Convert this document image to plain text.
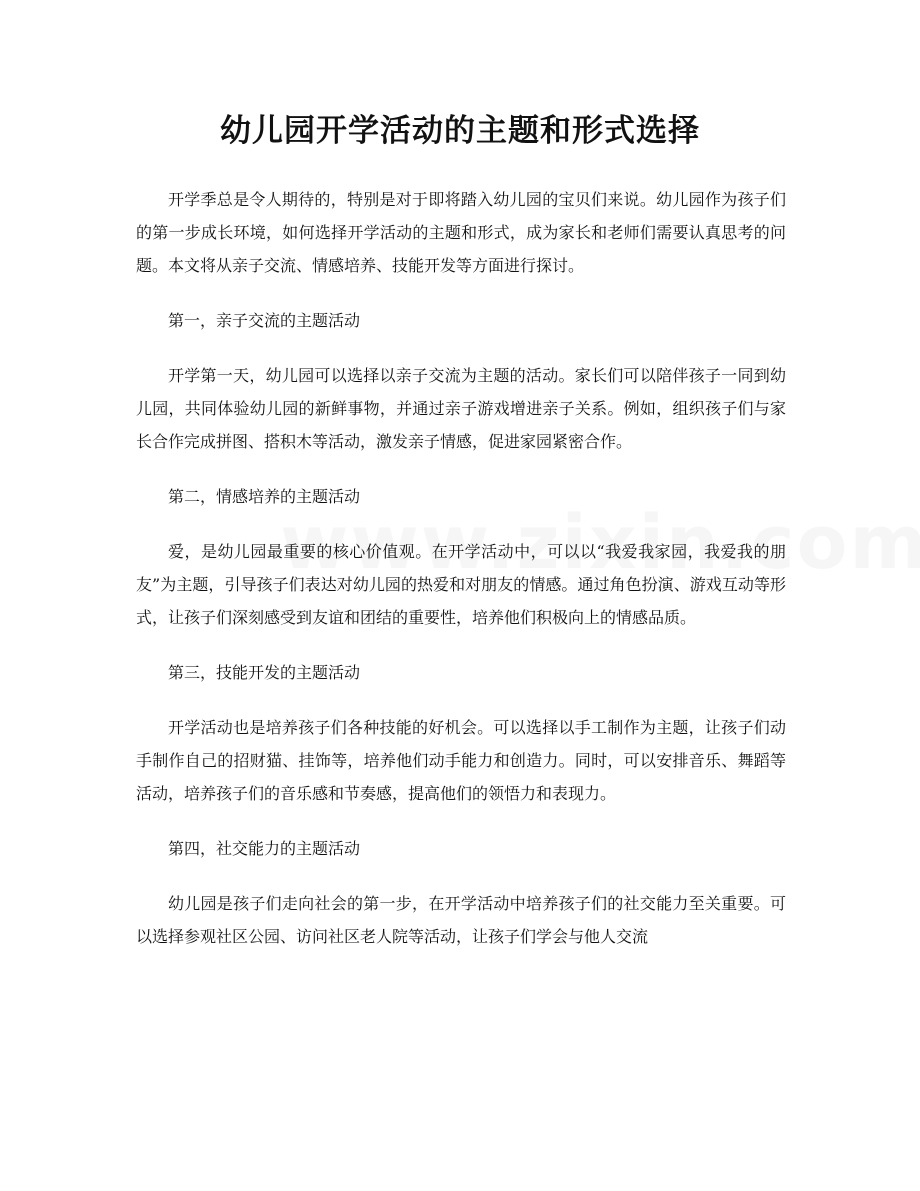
幼儿园开学活动的主题和形式选择

开学季总是令人期待的，特别是对于即将踏入幼儿园的宝贝们来说。幼儿园作为孩子们的第一步成长环境，如何选择开学活动的主题和形式，成为家长和老师们需要认真思考的问题。本文将从亲子交流、情感培养、技能开发等方面进行探讨。

第一，亲子交流的主题活动

开学第一天，幼儿园可以选择以亲子交流为主题的活动。家长们可以陪伴孩子一同到幼儿园，共同体验幼儿园的新鲜事物，并通过亲子游戏增进亲子关系。例如，组织孩子们与家长合作完成拼图、搭积木等活动，激发亲子情感，促进家园紧密合作。

第二，情感培养的主题活动

爱，是幼儿园最重要的核心价值观。在开学活动中，可以以“我爱我家园，我爱我的朋友”为主题，引导孩子们表达对幼儿园的热爱和对朋友的情感。通过角色扮演、游戏互动等形式，让孩子们深刻感受到友谊和团结的重要性，培养他们积极向上的情感品质。

第三，技能开发的主题活动

开学活动也是培养孩子们各种技能的好机会。可以选择以手工制作为主题，让孩子们动手制作自己的招财猫、挂饰等，培养他们动手能力和创造力。同时，可以安排音乐、舞蹈等活动，培养孩子们的音乐感和节奏感，提高他们的领悟力和表现力。

第四，社交能力的主题活动

幼儿园是孩子们走向社会的第一步，在开学活动中培养孩子们的社交能力至关重要。可以选择参观社区公园、访问社区老人院等活动，让孩子们学会与他人交流
